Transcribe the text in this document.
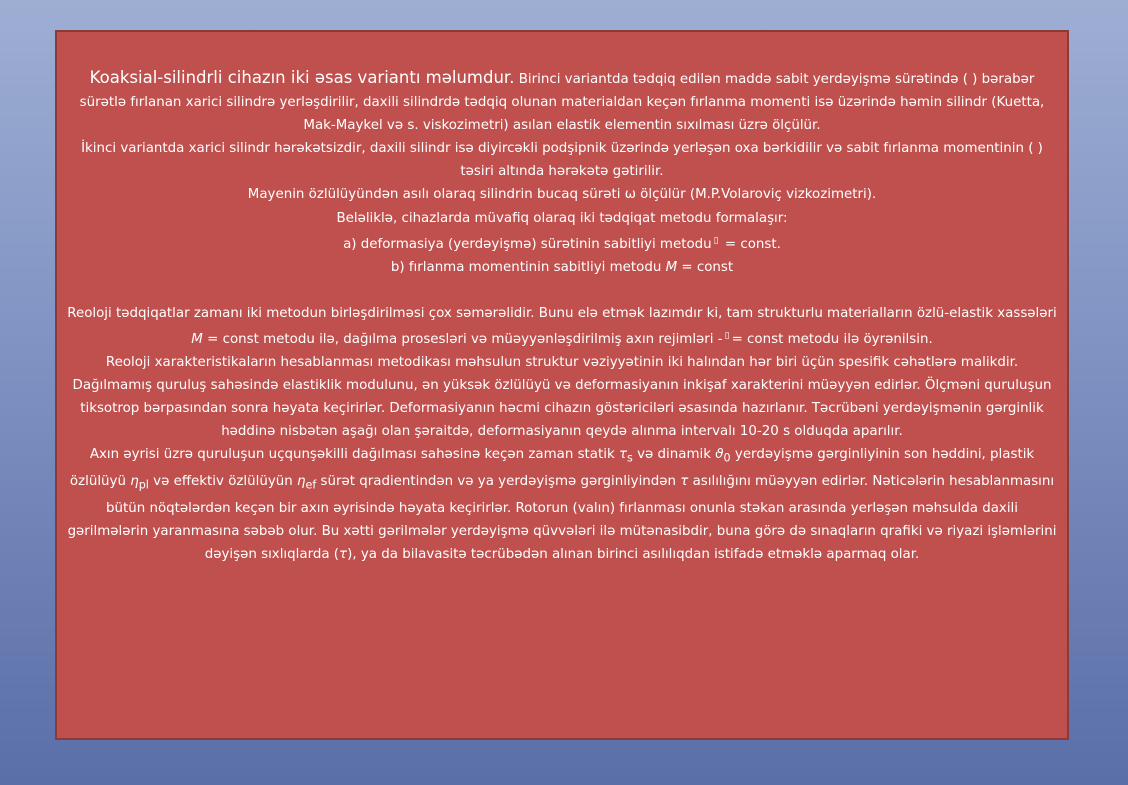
Koaksial-silindrli cihazın iki əsas variantı məlumdur. Birinci variantda tədqiq edilən maddə sabit yerdəyişmə sürətində ( ) bərabər sürətlə fırlanan xarici silindrə yerləşdirilir, daxili silindrdə tədqiq olunan materialdan keçən fırlanma momenti isə üzərində həmin silindr (Kuetta, Mak-Maykel və s. viskozimetri) asılan elastik elementin sıxılması üzrə ölçülür.

İkinci variantda xarici silindr hərəkətsizdir, daxili silindr isə diyircəkli podşipnik üzərində yerləşən oxa bərkidilir və sabit fırlanma momentinin ( ) təsiri altında hərəkətə gətirilir.

Mayenin özlülüyündən asılı olaraq silindrin bucaq sürəti ω ölçülür (M.P.Volaroviç vizkozimetri).

Beləliklə, cihazlarda müvafiq olaraq iki tədqiqat metodu formalaşır:

a) deformasiya (yerdəyişmə) sürətinin sabitliyi metodu ▯ = const.

b) fırlanma momentinin sabitliyi metodu M = const

Reoloji tədqiqatlar zamanı iki metodun birləşdirilməsi çox səmərəlidir. Bunu elə etmək lazımdır ki, tam strukturlu materialların özlü-elastik xassələri M = const metodu ilə, dağılma prosesləri və müəyyənləşdirilmiş axın rejimləri - ▯ = const metodu ilə öyrənilsin.

Reoloji xarakteristikaların hesablanması metodikası məhsulun struktur vəziyyətinin iki halından hər biri üçün spesifik cəhətlərə malikdir.

Dağılmamış quruluş sahəsində elastiklik modulunu, ən yüksək özlülüyü və deformasiyanın inkişaf xarakterini müəyyən edirlər. Ölçməni quruluşun tiksotrop bərpasından sonra həyata keçirirlər. Deformasiyanın həcmi cihazın göstəriciləri əsasında hazırlanır. Təcrübəni yerdəyişmənin gərginlik həddinə nisbətən aşağı olan şəraitdə, deformasiyanın qeydə alınma intervalı 10-20 s olduqda aparılır.

Axın əyrisi üzrə quruluşun uçqunşəkilli dağılması sahəsinə keçən zaman statik $\tau_s$ və dinamik $ϑ_0$ yerdəyişmə gərginliyinin son həddini, plastik özlülüyü $\eta_{pl}$ və effektiv özlülüyün $\eta_{ef}$ sürət qradientindən və ya yerdəyişmə gərginliyindən τ asılılığını müəyyən edirlər. Nəticələrin hesablanmasını bütün nöqtələrdən keçən bir axın əyrisində həyata keçirirlər. Rotorun (valın) fırlanması onunla stəkan arasında yerləşən məhsulda daxili gərilmələrin yaranmasına səbəb olur. Bu xətti gərilmələr yerdəyişmə qüvvələri ilə mütənasibdir, buna görə də sınaqların qrafiki və riyazi işləmlərini dəyişən sıxlıqlarda (τ), ya da bilavasitə təcrübədən alınan birinci asılılıqdan istifadə etməklə aparmaq olar.
